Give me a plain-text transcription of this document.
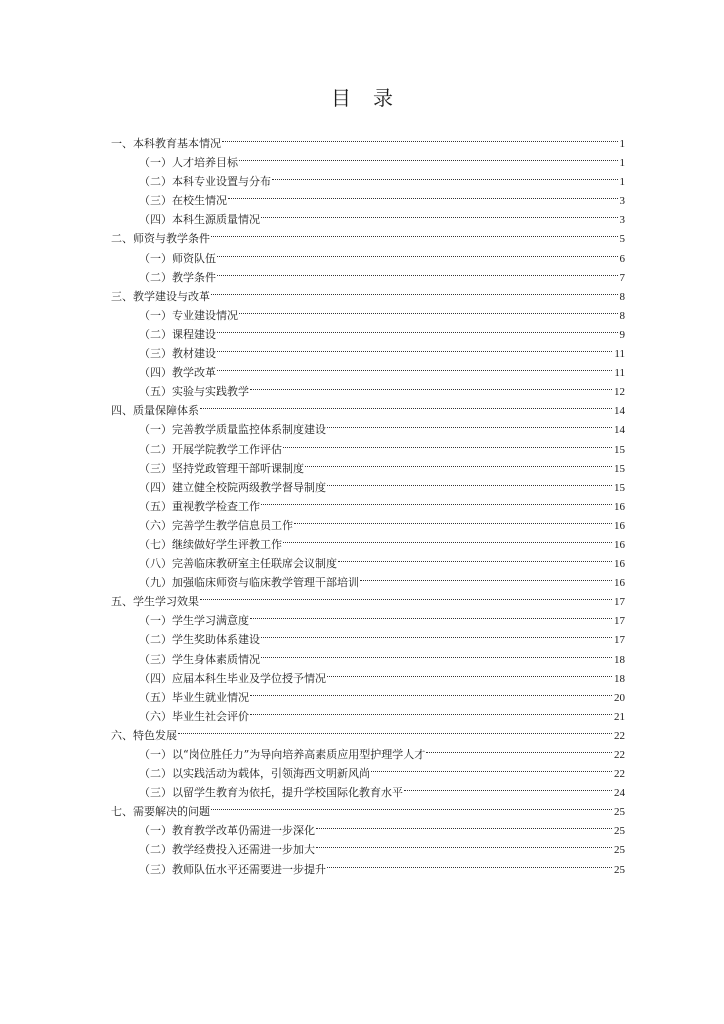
目 录
一、本科教育基本情况	1
（一）人才培养目标	1
（二）本科专业设置与分布	1
（三）在校生情况	3
（四）本科生源质量情况	3
二、师资与教学条件	5
（一）师资队伍	6
（二）教学条件	7
三、教学建设与改革	8
（一）专业建设情况	8
（二）课程建设	9
（三）教材建设	11
（四）教学改革	11
（五）实验与实践教学	12
四、质量保障体系	14
（一）完善教学质量监控体系制度建设	14
（二）开展学院教学工作评估	15
（三）坚持党政管理干部听课制度	15
（四）建立健全校院两级教学督导制度	15
（五）重视教学检查工作	16
（六）完善学生教学信息员工作	16
（七）继续做好学生评教工作	16
（八）完善临床教研室主任联席会议制度	16
（九）加强临床师资与临床教学管理干部培训	16
五、学生学习效果	17
（一）学生学习满意度	17
（二）学生奖助体系建设	17
（三）学生身体素质情况	18
（四）应届本科生毕业及学位授予情况	18
（五）毕业生就业情况	20
（六）毕业生社会评价	21
六、特色发展	22
（一）以“岗位胜任力”为导向培养高素质应用型护理学人才	22
（二）以实践活动为载体，引领海西文明新风尚	22
（三）以留学生教育为依托，提升学校国际化教育水平	24
七、需要解决的问题	25
（一）教育教学改革仍需进一步深化	25
（二）教学经费投入还需进一步加大	25
（三）教师队伍水平还需要进一步提升	25
